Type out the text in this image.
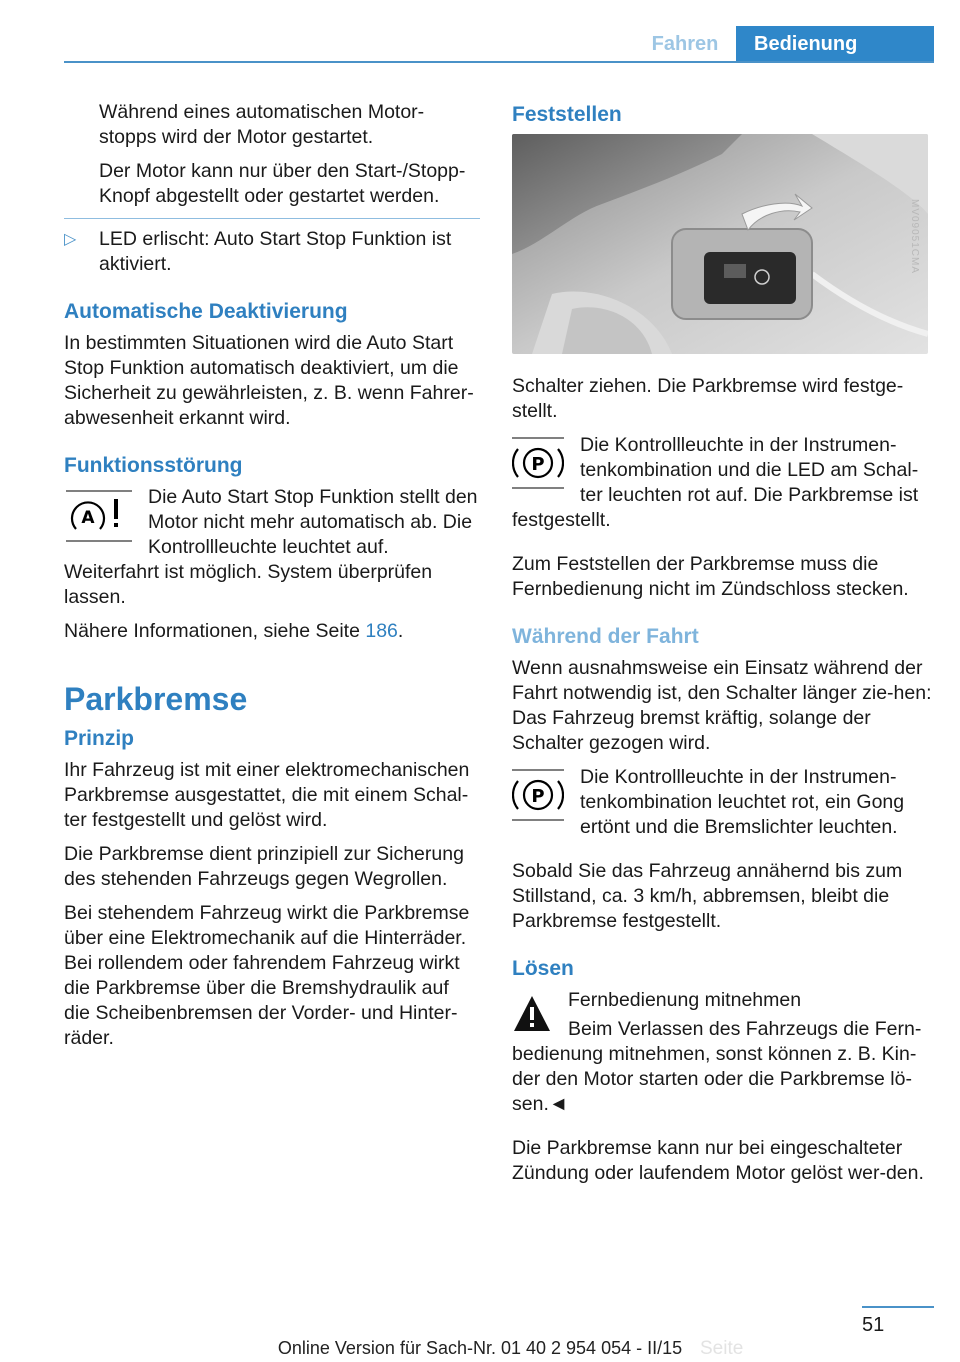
Fahren	Bedienung

Während eines automatischen Motor-stopps wird der Motor gestartet.

Der Motor kann nur über den Start-/Stopp-Knopf abgestellt oder gestartet werden.

▷ LED erlischt: Auto Start Stop Funktion ist aktiviert.

Automatische Deaktivierung

In bestimmten Situationen wird die Auto Start Stop Funktion automatisch deaktiviert, um die Sicherheit zu gewährleisten, z. B. wenn Fahrer-abwesenheit erkannt wird.

Funktionsstörung
A

Die Auto Start Stop Funktion stellt den Motor nicht mehr automatisch ab. Die Kontrollleuchte leuchtet auf. Weiterfahrt ist möglich. System überprüfen lassen.

Nähere Informationen, siehe Seite 186.

Parkbremse
Prinzip

Ihr Fahrzeug ist mit einer elektromechanischen Parkbremse ausgestattet, die mit einem Schal-ter festgestellt und gelöst wird.

Die Parkbremse dient prinzipiell zur Sicherung des stehenden Fahrzeugs gegen Wegrollen.

Bei stehendem Fahrzeug wirkt die Parkbremse über eine Elektromechanik auf die Hinterräder. Bei rollendem oder fahrendem Fahrzeug wirkt die Parkbremse über die Bremshydraulik auf die Scheibenbremsen der Vorder- und Hinter-räder.

Feststellen
MV09051CMA

Schalter ziehen. Die Parkbremse wird festge-stellt.

P

Die Kontrollleuchte in der Instrumen-tenkombination und die LED am Schal-ter leuchten rot auf. Die Parkbremse ist festgestellt.

Zum Feststellen der Parkbremse muss die Fernbedienung nicht im Zündschloss stecken.

Während der Fahrt

Wenn ausnahmsweise ein Einsatz während der Fahrt notwendig ist, den Schalter länger zie-hen: Das Fahrzeug bremst kräftig, solange der Schalter gezogen wird.

P

Die Kontrollleuchte in der Instrumen-tenkombination leuchtet rot, ein Gong ertönt und die Bremslichter leuchten.

Sobald Sie das Fahrzeug annähernd bis zum Stillstand, ca. 3 km/h, abbremsen, bleibt die Parkbremse festgestellt.

Lösen

Fernbedienung mitnehmen

Beim Verlassen des Fahrzeugs die Fern-bedienung mitnehmen, sonst können z. B. Kin-der den Motor starten oder die Parkbremse lö-sen.◄

Die Parkbremse kann nur bei eingeschalteter Zündung oder laufendem Motor gelöst wer-den.

51
Seite
Online Version für Sach-Nr. 01 40 2 954 054 - II/15
